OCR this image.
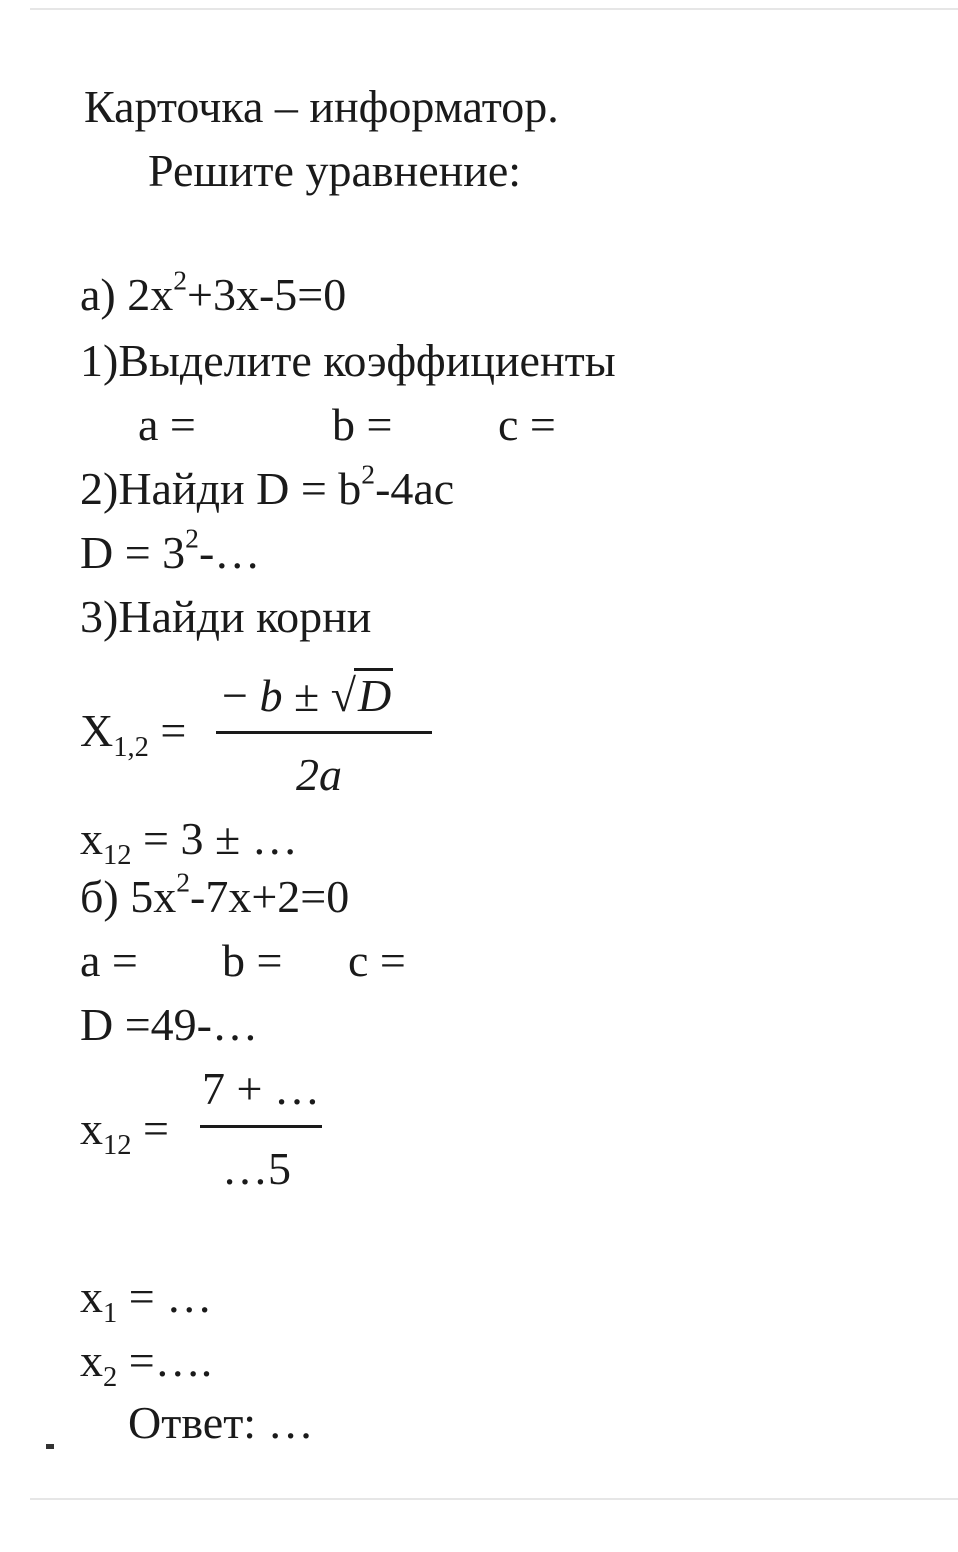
Карточка – информатор.
Решите уравнение:
а) $2x^2+3x-5=0$
1)Выделите коэффициенты
a =	b = c =
2)Найди $D = b^2-4ac$
$D = 3^2-\dots$
3)Найди корни
$X_{1,2}$ =
− b ± √D
2a
$x_{12} = 3$ ± …
б) $5x^2-7x+2=0$
a = b = c =
D =49-…
$x_{12}$ =
7 + …
…5
$x_1$ = …
$x_2$ =….
Ответ: …
